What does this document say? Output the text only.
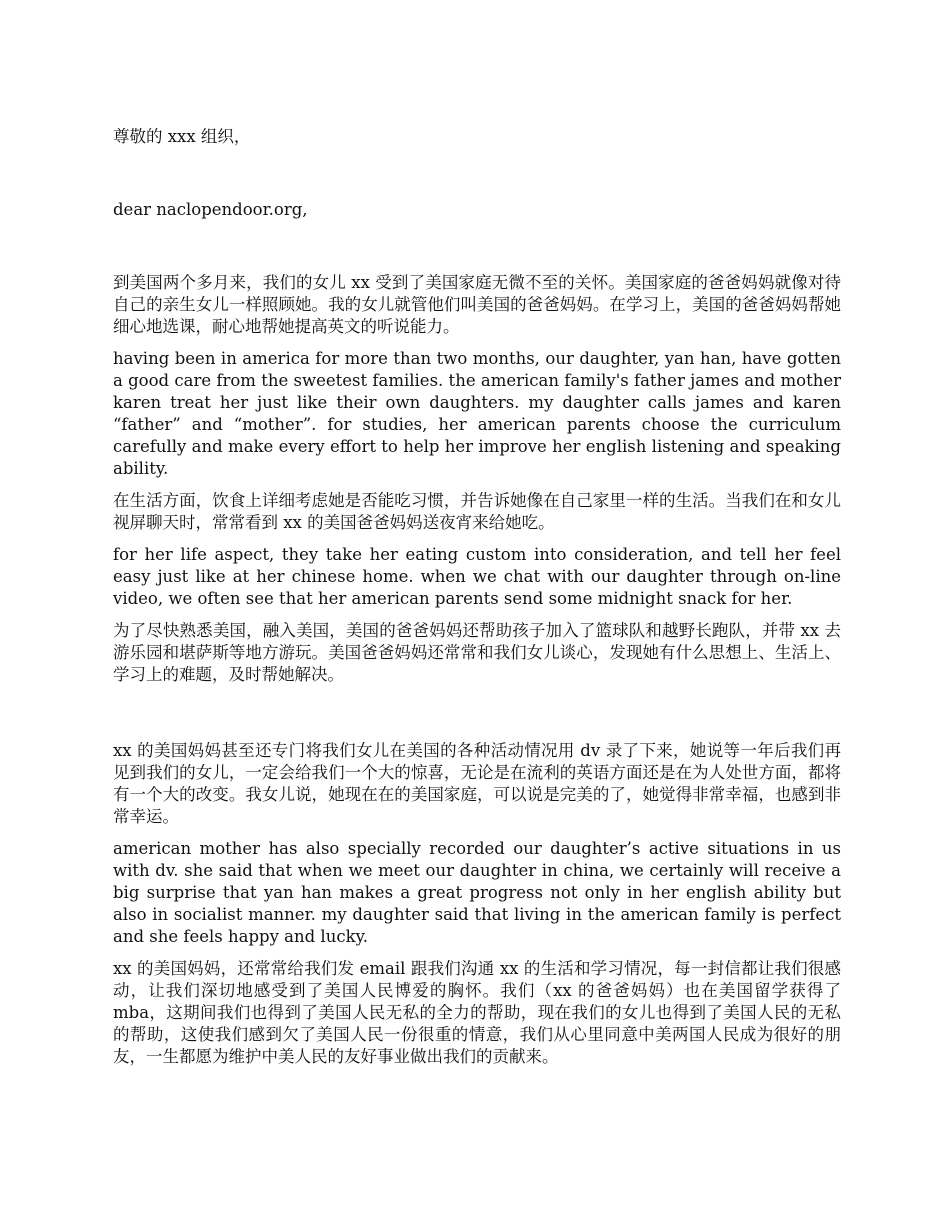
尊敬的 xxx 组织，

dear naclopendoor.org,

到美国两个多月来，我们的女儿 xx 受到了美国家庭无微不至的关怀。美国家庭的爸爸妈妈就像对待自己的亲生女儿一样照顾她。我的女儿就管他们叫美国的爸爸妈妈。在学习上，美国的爸爸妈妈帮她细心地选课，耐心地帮她提高英文的听说能力。

having been in america for more than two months, our daughter, yan han, have gotten a good care from the sweetest families. the american family's father james and mother karen treat her just like their own daughters. my daughter calls james and karen “father” and “mother”. for studies, her american parents choose the curriculum carefully and make every effort to help her improve her english listening and speaking ability.

在生活方面，饮食上详细考虑她是否能吃习惯，并告诉她像在自己家里一样的生活。当我们在和女儿视屏聊天时，常常看到 xx 的美国爸爸妈妈送夜宵来给她吃。

for her life aspect, they take her eating custom into consideration, and tell her feel easy just like at her chinese home. when we chat with our daughter through on-line video, we often see that her american parents send some midnight snack for her.

为了尽快熟悉美国，融入美国，美国的爸爸妈妈还帮助孩子加入了篮球队和越野长跑队，并带 xx 去游乐园和堪萨斯等地方游玩。美国爸爸妈妈还常常和我们女儿谈心，发现她有什么思想上、生活上、学习上的难题，及时帮她解决。

xx 的美国妈妈甚至还专门将我们女儿在美国的各种活动情况用 dv 录了下来，她说等一年后我们再见到我们的女儿，一定会给我们一个大的惊喜，无论是在流利的英语方面还是在为人处世方面，都将有一个大的改变。我女儿说，她现在在的美国家庭，可以说是完美的了，她觉得非常幸福，也感到非常幸运。

american mother has also specially recorded our daughter’s active situations in us with dv. she said that when we meet our daughter in china, we certainly will receive a big surprise that yan han makes a great progress not only in her english ability but also in socialist manner. my daughter said that living in the american family is perfect and she feels happy and lucky.

xx 的美国妈妈，还常常给我们发 email 跟我们沟通 xx 的生活和学习情况，每一封信都让我们很感动，让我们深切地感受到了美国人民博爱的胸怀。我们（xx 的爸爸妈妈）也在美国留学获得了 mba，这期间我们也得到了美国人民无私的全力的帮助，现在我们的女儿也得到了美国人民的无私的帮助，这使我们感到欠了美国人民一份很重的情意，我们从心里同意中美两国人民成为很好的朋友，一生都愿为维护中美人民的友好事业做出我们的贡献来。
